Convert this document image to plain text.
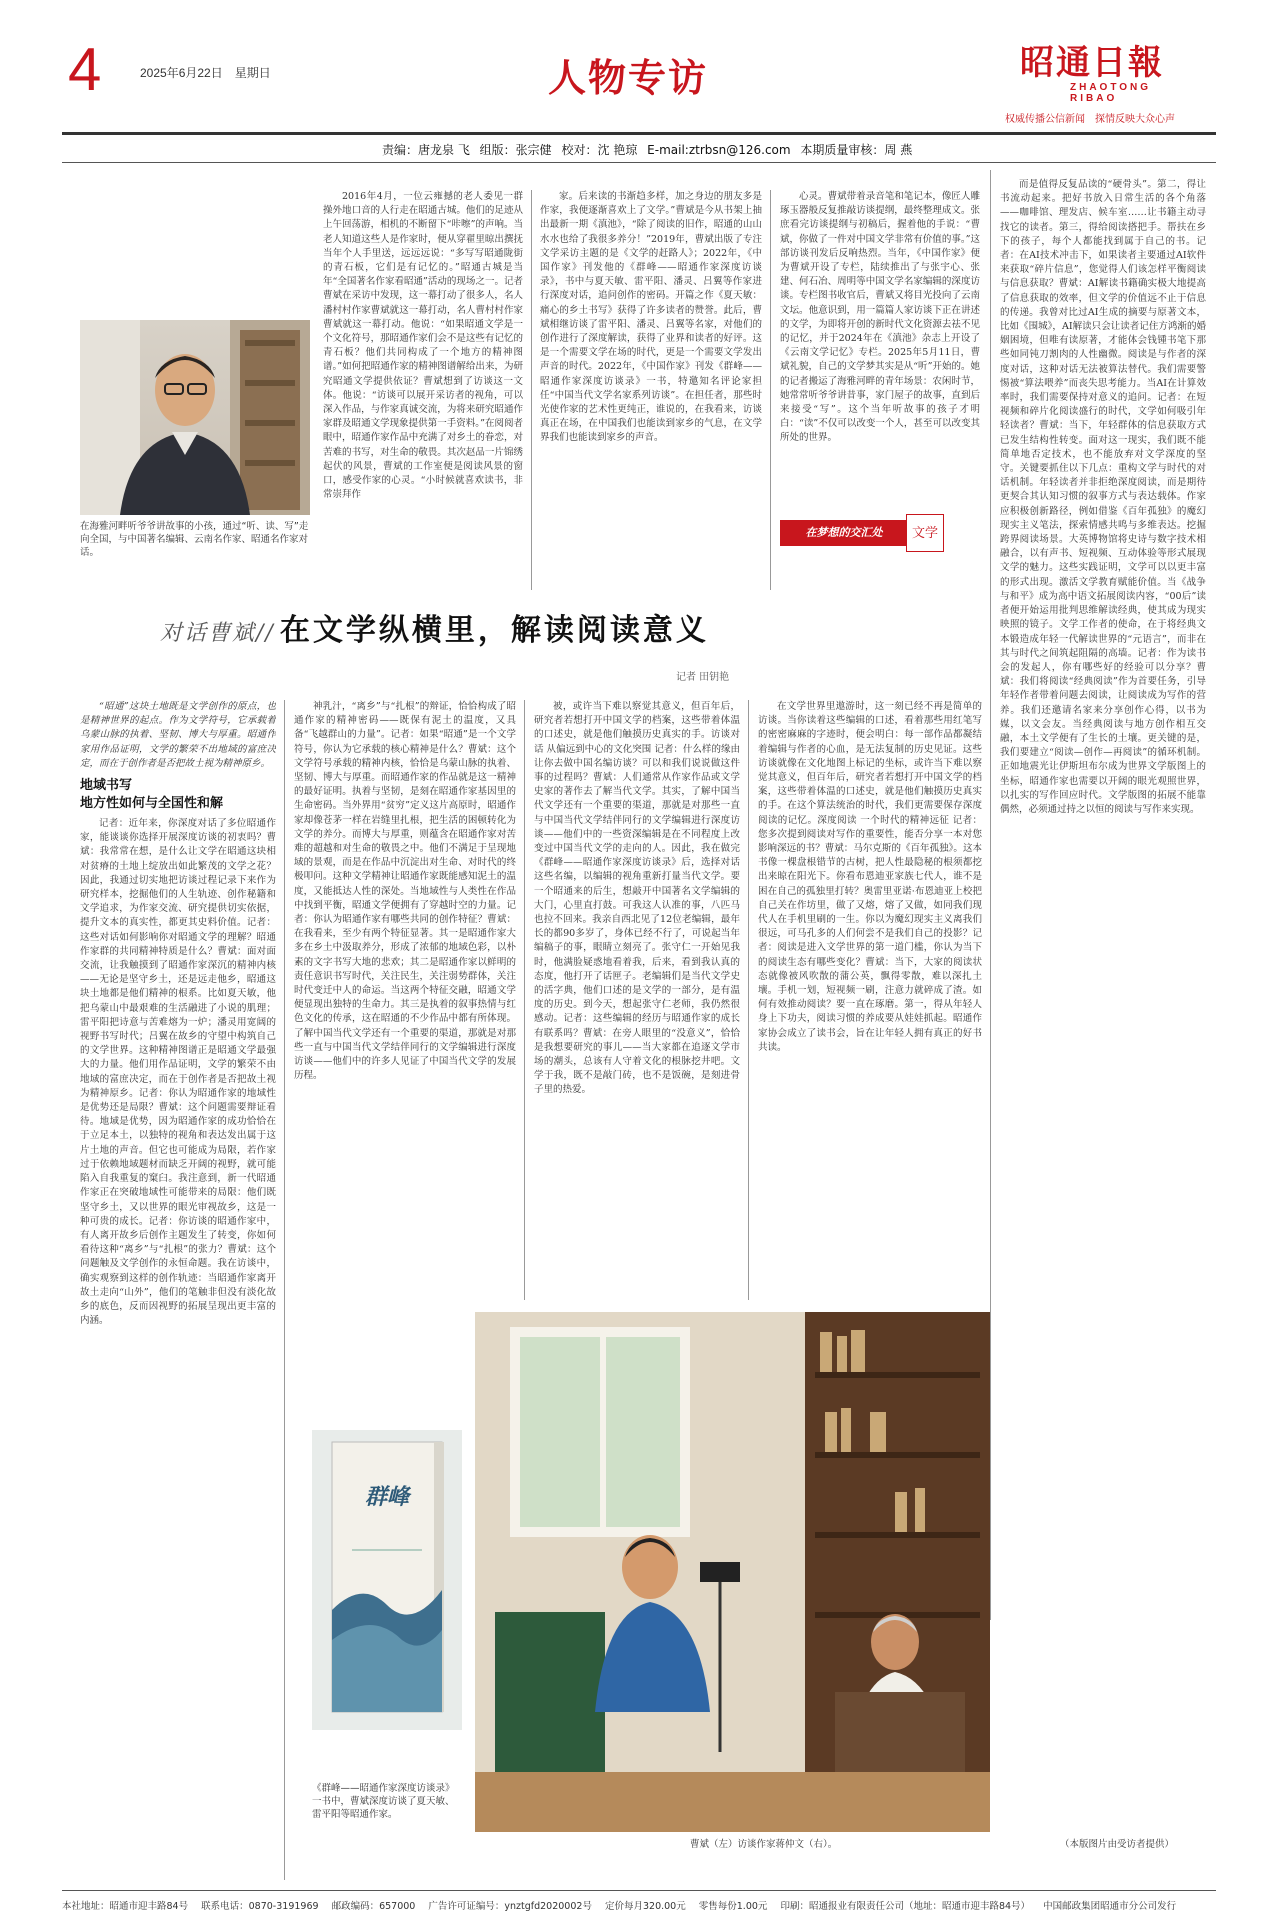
4	2025年6月22日　星期日	人物专访	昭通日報
ZHAOTONG RIBAO
权威传播公信新闻　探情反映大众心声
责编：唐龙泉 飞 组版：张宗健 校对：沈 艳琼 E-mail:ztrbsn@126.com 本期质量审核：周 燕
在海雅河畔听爷爷讲故事的小孩，通过“听、读、写”走向全国，与中国著名编辑、云南名作家、昭通名作家对话。

2016年4月，一位云雍撼的老人委见一群操外地口音的人行走在昭通古城。他们的足迹从上午回荡游，相机的不断留下“咔嚓”的声响。当老人知道这些人是作家时，便从穿翟里晾出撰抚当年个人手里送，远远远说：“多写写昭通陇街的青石板，它们是有记忆的。”昭通古城是当年“全国著名作家看昭通”活动的现场之一。记者曹斌在采访中发现，这一幕打动了很多人，名人潘村村作家曹斌就这一幕打动，名人曹村村作家曹斌就这一幕打动。他说：“如果昭通文学是一个文化符号，那昭通作家们会不是这些有记忆的青石板？他们共同构成了一个地方的精神图谱。”如何把昭通作家的精神图谱解给出来，为研究昭通文学提供依证？曹斌想到了访谈这一文体。他说：“访谈可以展开采访者的视角，可以深入作品，与作家真诚交流，为将来研究昭通作家群及昭通文学现象提供第一手资料。”在阅阅者眼中，昭通作家作品中充满了对乡土的眷恋，对苦难的书写，对生命的敬畏。其次赵品一片锦绣起伏的风景，曹斌的工作室便是阅读风景的窗口，感受作家的心灵。“小时候就喜欢读书，非常崇拜作

家。后来读的书渐趋多样，加之身边的朋友多是作家，我便逐渐喜欢上了文学。”曹斌是今从书架上抽出最新一期《滇池》，“除了阅读的旧作，昭通的山山水水也给了我很多养分！”2019年，曹斌出版了专注文学采访主题的是《文学的赶路人》；2022年，《中国作家》刊发他的《群峰——昭通作家深度访谈录》，书中与夏天敏、雷平阳、潘灵、吕翼等作家进行深度对话，追问创作的密码。开篇之作《夏天敏：痛心的乡土书写》获得了许多读者的赞誉。此后，曹斌相继访谈了雷平阳、潘灵、吕翼等名家，对他们的创作进行了深度解读，获得了业界和读者的好评。这是一个需要文学在场的时代，更是一个需要文学发出声音的时代。2022年，《中国作家》刊发《群峰——昭通作家深度访谈录》一书，特邀知名评论家担任“中国当代文学名家系列访谈”。在担任者，那些时光使作家的艺术性更纯正，谁说的，在我看来，访谈真正在场，在中国我们也能读到家乡的气息，在文学界我们也能读到家乡的声音。

心灵。曹斌带着录音笔和笔记本，像匠人雕琢玉器般反复推敲访谈提纲，最终整理成文。张庶看完访谈提纲与初稿后，握着他的手说：“曹斌，你做了一件对中国文学非常有价值的事。”这部访谈刊发后反响热烈。当年，《中国作家》便为曹斌开设了专栏，陆续推出了与张宇心、张建、何石冶、周明等中国文学名家编辑的深度访谈。专栏图书收官后，曹斌又将目光投向了云南文坛。他意识到，用一篇篇人家访谈下正在讲述的文学，为即将开创的新时代文化资源去祛不见的记忆，并于2024年在《滇池》杂志上开设了《云南文学记忆》专栏。2025年5月11日，曹斌礼貌，自己的文学梦其实是从“听”开始的。她的记者搬运了海雅河畔的青年场景：农闲时节，她常常听爷爷讲昔事，家门屋子的故事，直到后来接受“写”。这个当年听故事的孩子才明白：“读”不仅可以改变一个人，甚至可以改变其所处的世界。

在梦想的交汇处	文学

而是值得反复品读的“硬骨头”。第二，得让书流动起来。把好书放入日常生活的各个角落——咖啡馆、理发店、候车室……让书籍主动寻找它的读者。第三，得给阅读搭把手。帮扶在乡下的孩子，每个人都能找到属于自己的书。记者：在AI技术冲击下，如果读者主要通过AI软件来获取“碎片信息”，您觉得人们该怎样平衡阅读与信息获取？曹斌：AI解读书籍确实极大地提高了信息获取的效率，但文学的价值远不止于信息的传递。我曾对比过AI生成的摘要与原著文本，比如《围城》，AI解读只会让读者记住方鸿渐的婚姻困境，但唯有读原著，才能体会钱锺书笔下那些如同钝刀割肉的人性幽微。阅读是与作者的深度对话，这种对话无法被算法替代。我们需要警惕被“算法喂养”而丧失思考能力。当AI在计算效率时，我们需要保持对意义的追问。记者：在短视频和碎片化阅读盛行的时代，文学如何吸引年轻读者？曹斌：当下，年轻群体的信息获取方式已发生结构性转变。面对这一现实，我们既不能简单地否定技术，也不能放弃对文学深度的坚守。关键要抓住以下几点：重构文学与时代的对话机制。年轻读者并非拒绝深度阅读，而是期待更契合其认知习惯的叙事方式与表达载体。作家应积极创新路径，例如借鉴《百年孤独》的魔幻现实主义笔法，探索情感共鸣与多维表达。挖掘跨界阅读场景。大英博物馆将史诗与数字技术相融合，以有声书、短视频、互动体验等形式展现文学的魅力。这些实践证明，文学可以以更丰富的形式出现。激活文学教育赋能价值。当《战争与和平》成为高中语文拓展阅读内容，“00后”读者便开始运用批判思维解读经典，使其成为现实映照的镜子。文学工作者的使命，在于将经典文本锻造成年轻一代解读世界的“元语言”，而非在其与时代之间筑起阻隔的高墙。记者：作为读书会的发起人，你有哪些好的经验可以分享？曹斌：我们将阅读“经典阅读”作为首要任务，引导年轻作者带着问题去阅读，让阅读成为写作的营养。我们还邀请名家来分享创作心得，以书为媒，以文会友。当经典阅读与地方创作相互交融，本土文学便有了生长的土壤。更关键的是，我们要建立“阅读—创作—再阅读”的循环机制。正如地震光让伊斯坦布尔成为世界文学版图上的坐标，昭通作家也需要以开阔的眼光观照世界，以扎实的写作回应时代。文学版图的拓展不能靠偶然，必须通过持之以恒的阅读与写作来实现。

对话曹斌// 在文学纵横里，解读阅读意义
记者 田钥艳

“昭通”这块土地既是文学创作的原点，也是精神世界的起点。作为文学符号，它承载着乌蒙山脉的执着、坚韧、博大与厚重。昭通作家用作品证明，文学的繁荣不出地域的富庶决定，而在于创作者是否把故土视为精神原乡。

地域书写
地方性如何与全国性和解

记者：近年来，你深度对话了多位昭通作家，能谈谈你选择开展深度访谈的初衷吗？曹斌：我常常在想，是什么让文学在昭通这块相对贫瘠的土地上绽放出如此繁茂的文学之花？因此，我通过切实地把访谈过程记录下来作为研究样本，挖掘他们的人生轨迹、创作秘籍和文学追求，为作家交流、研究提供切实依据，提升文本的真实性，都更其史料价值。记者：这些对话如何影响你对昭通文学的理解？昭通作家群的共同精神特质是什么？曹斌：面对面交流，让我触摸到了昭通作家深沉的精神内核——无论是坚守乡土，还是远走他乡，昭通这块土地都是他们精神的根系。比如夏天敏，他把乌蒙山中最艰难的生活融进了小说的肌理；雷平阳把诗意与苦难熔为一炉；潘灵用宽阔的视野书写时代；吕翼在故乡的守望中构筑自己的文学世界。这种精神图谱正是昭通文学最强大的力量。他们用作品证明，文学的繁荣不由地域的富庶决定，而在于创作者是否把故土视为精神原乡。记者：你认为昭通作家的地域性是优势还是局限？曹斌：这个问题需要辩证看待。地域是优势，因为昭通作家的成功恰恰在于立足本土，以独特的视角和表达发出属于这片土地的声音。但它也可能成为局限，若作家过于依赖地域题材而缺乏开阔的视野，就可能陷入自我重复的窠臼。我注意到，新一代昭通作家正在突破地域性可能带来的局限：他们既坚守乡土，又以世界的眼光审视故乡，这是一种可贵的成长。记者：你访谈的昭通作家中，有人离开故乡后创作主题发生了转变，你如何看待这种“离乡”与“扎根”的张力？曹斌：这个问题触及文学创作的永恒命题。我在访谈中，确实观察到这样的创作轨迹：当昭通作家离开故土走向“山外”，他们的笔触非但没有淡化故乡的底色，反而因视野的拓展呈现出更丰富的内涵。

神乳汁，“离乡”与“扎根”的辩证，恰恰构成了昭通作家的精神密码——既保有泥土的温度，又具备“飞越群山的力量”。记者：如果“昭通”是一个文学符号，你认为它承载的核心精神是什么？曹斌：这个文学符号承载的精神内核，恰恰是乌蒙山脉的执着、坚韧、博大与厚重。而昭通作家的作品就是这一精神的最好证明。执着与坚韧，是刻在昭通作家基因里的生命密码。当外界用“贫穷”定义这片高原时，昭通作家却像苍茅一样在岩缝里扎根，把生活的困顿转化为文学的养分。而博大与厚重，则蕴含在昭通作家对苦难的超越和对生命的敬畏之中。他们不满足于呈现地域的景观，而是在作品中沉淀出对生命、对时代的终极叩问。这种文学精神让昭通作家既能感知泥土的温度，又能抵达人性的深处。当地域性与人类性在作品中找到平衡，昭通文学便拥有了穿越时空的力量。记者：你认为昭通作家有哪些共同的创作特征？曹斌：在我看来，至少有两个特征显著。其一是昭通作家大多在乡土中汲取养分，形成了浓郁的地域色彩，以朴素的文字书写大地的悲欢；其二是昭通作家以鲜明的责任意识书写时代，关注民生，关注弱势群体，关注时代变迁中人的命运。当这两个特征交融，昭通文学便显现出独特的生命力。其三是执着的叙事热情与红色文化的传承，这在昭通的不少作品中都有所体现。了解中国当代文学还有一个重要的渠道，那就是对那些一直与中国当代文学结伴同行的文学编辑进行深度访谈——他们中的许多人见证了中国当代文学的发展历程。

被，或许当下难以察觉其意义，但百年后，研究者若想打开中国文学的档案，这些带着体温的口述史，就是他们触摸历史真实的手。访谈对话 从偏远到中心的文化突围 记者：什么样的缘由让你去做中国名编访谈？可以和我们说说做这件事的过程吗？曹斌：人们通常从作家作品或文学史家的著作去了解当代文学。其实，了解中国当代文学还有一个重要的渠道，那就是对那些一直与中国当代文学结伴同行的文学编辑进行深度访谈——他们中的一些资深编辑是在不同程度上改变过中国当代文学的走向的人。因此，我在做完《群峰——昭通作家深度访谈录》后，选择对话这些名编，以编辑的视角重新打量当代文学。要一个昭通来的后生，想敲开中国著名文学编辑的大门，心里直打鼓。可我这人认准的事，八匹马也拉不回来。我亲自西北见了12位老编辑，最年长的都90多岁了，身体已经不行了，可说起当年编稿子的事，眼睛立刻亮了。张守仁一开始见我时，他满脸疑惑地看着我，后来，看到我认真的态度，他打开了话匣子。老编辑们是当代文学史的活字典，他们口述的是文学的一部分，是有温度的历史。到今天，想起张守仁老师，我仍然很感动。记者：这些编辑的经历与昭通作家的成长有联系吗？曹斌：在旁人眼里的“没意义”，恰恰是我想要研究的事儿——当大家都在追逐文学市场的潮头，总该有人守着文化的根脉挖井吧。文学于我，既不是敲门砖，也不是饭碗，是刻进骨子里的热爱。

在文学世界里遨游时，这一刻已经不再是简单的访谈。当你读着这些编辑的口述，看着那些用红笔写的密密麻麻的字迹时，便会明白：每一部作品都凝结着编辑与作者的心血，是无法复制的历史见证。这些访谈就像在文化地图上标记的坐标，或许当下难以察觉其意义，但百年后，研究者若想打开中国文学的档案，这些带着体温的口述史，就是他们触摸历史真实的手。在这个算法统治的时代，我们更需要保存深度阅读的记忆。深度阅读 一个时代的精神远征 记者：您多次提到阅读对写作的重要性，能否分享一本对您影响深远的书？曹斌：马尔克斯的《百年孤独》。这本书像一棵盘根错节的古树，把人性最隐秘的根须都挖出来晾在阳光下。你看布恩迪亚家族七代人，谁不是困在自己的孤独里打转？奥雷里亚诺·布恩迪亚上校把自己关在作坊里，做了又熔，熔了又做，如同我们现代人在手机里刷的一生。你以为魔幻现实主义离我们很远，可马孔多的人们何尝不是我们自己的投影？记者：阅读是进入文学世界的第一道门槛，你认为当下的阅读生态有哪些变化？曹斌：当下，大家的阅读状态就像被风吹散的蒲公英，飘得零散，难以深扎土壤。手机一划，短视频一刷，注意力就碎成了渣。如何有效推动阅读？要一直在琢磨。第一，得从年轻人身上下功夫，阅读习惯的养成要从娃娃抓起。昭通作家协会成立了读书会，旨在让年轻人拥有真正的好书共读。

群峰
《群峰——昭通作家深度访谈录》一书中，曹斌深度访谈了夏天敏、雷平阳等昭通作家。
曹斌（左）访谈作家蒋仲文（右）。	（本版图片由受访者提供）
本社地址：昭通市迎丰路84号 联系电话：0870-3191969 邮政编码：657000 广告许可证编号：ynztgfd2020002号 定价每月320.00元 零售每份1.00元 印刷：昭通报业有限责任公司（地址：昭通市迎丰路84号） 中国邮政集团昭通市分公司发行
